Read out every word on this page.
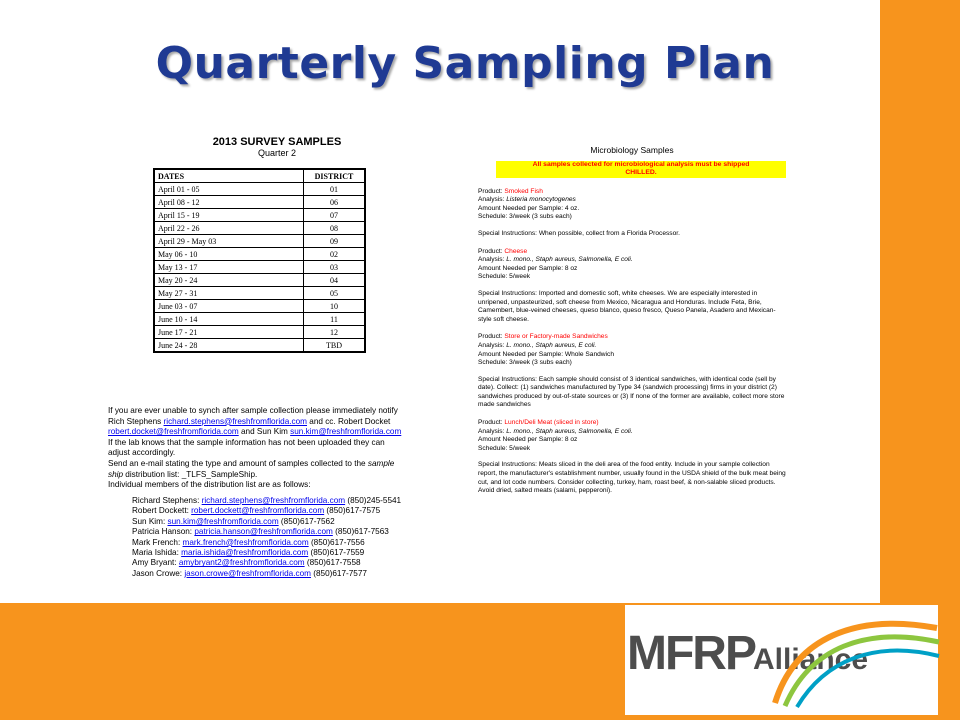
Quarterly Sampling Plan
2013 SURVEY SAMPLES
Quarter 2
DATES	DISTRICT
April 01 - 05	01
April 08 - 12	06
April 15 - 19	07
April 22 - 26	08
April 29 - May 03	09
May 06 - 10	02
May 13 - 17	03
May 20 - 24	04
May 27 - 31	05
June 03 - 07	10
June 10 - 14	11
June 17 - 21	12
June 24 - 28	TBD

If you are ever unable to synch after sample collection please immediately notify

Rich Stephens richard.stephens@freshfromflorida.com and cc. Robert Docket

robert.docket@freshfromflorida.com and Sun Kim sun.kim@freshfromflorida.com

If the lab knows that the sample information has not been uploaded they can

adjust accordingly.

Send an e-mail stating the type and amount of samples collected to the sample

ship distribution list: _TLFS_SampleShip.

Individual members of the distribution list are as follows:

Richard Stephens: richard.stephens@freshfromflorida.com (850)245-5541
Robert Dockett: robert.dockett@freshfromflorida.com (850)617-7575
Sun Kim: sun.kim@freshfromflorida.com (850)617-7562
Patricia Hanson: patricia.hanson@freshfromflorida.com (850)617-7563
Mark French: mark.french@freshfromflorida.com (850)617-7556
Maria Ishida: maria.ishida@freshfromflorida.com (850)617-7559
Amy Bryant: amybryant2@freshfromflorida.com (850)617-7558
Jason Crowe: jason.crowe@freshfromflorida.com (850)617-7577
Microbiology Samples
All samples collected for microbiological analysis must be shipped
CHILLED.

Product: Smoked Fish

Analysis: Listeria monocytogenes

Amount Needed per Sample: 4 oz.

Schedule: 3/week (3 subs each)

Special Instructions: When possible, collect from a Florida Processor.

Product: Cheese

Analysis: L. mono., Staph aureus, Salmonella, E coli.

Amount Needed per Sample: 8 oz

Schedule: 5/week

Special Instructions: Imported and domestic soft, white cheeses. We are especially interested in unripened, unpasteurized, soft cheese from Mexico, Nicaragua and Honduras. Include Feta, Brie, Camembert, blue-veined cheeses, queso blanco, queso fresco, Queso Panela, Asadero and Mexican-style soft cheese.

Product: Store or Factory-made Sandwiches

Analysis: L. mono., Staph aureus, E coli.

Amount Needed per Sample: Whole Sandwich

Schedule: 3/week (3 subs each)

Special Instructions: Each sample should consist of 3 identical sandwiches, with identical code (sell by date). Collect: (1) sandwiches manufactured by Type 34 (sandwich processing) firms in your district (2) sandwiches produced by out-of-state sources or (3) If none of the former are available, collect more store made sandwiches

Product: Lunch/Deli Meat (sliced in store)

Analysis: L. mono., Staph aureus, Salmonella, E coli.

Amount Needed per Sample: 8 oz

Schedule: 5/week

Special Instructions: Meats sliced in the deli area of the food entity. Include in your sample collection report, the manufacturer's establishment number, usually found in the USDA shield of the bulk meat being cut, and lot code numbers. Consider collecting, turkey, ham, roast beef, & non-salable sliced products. Avoid dried, salted meats (salami, pepperoni).

MFRP
Alliance
